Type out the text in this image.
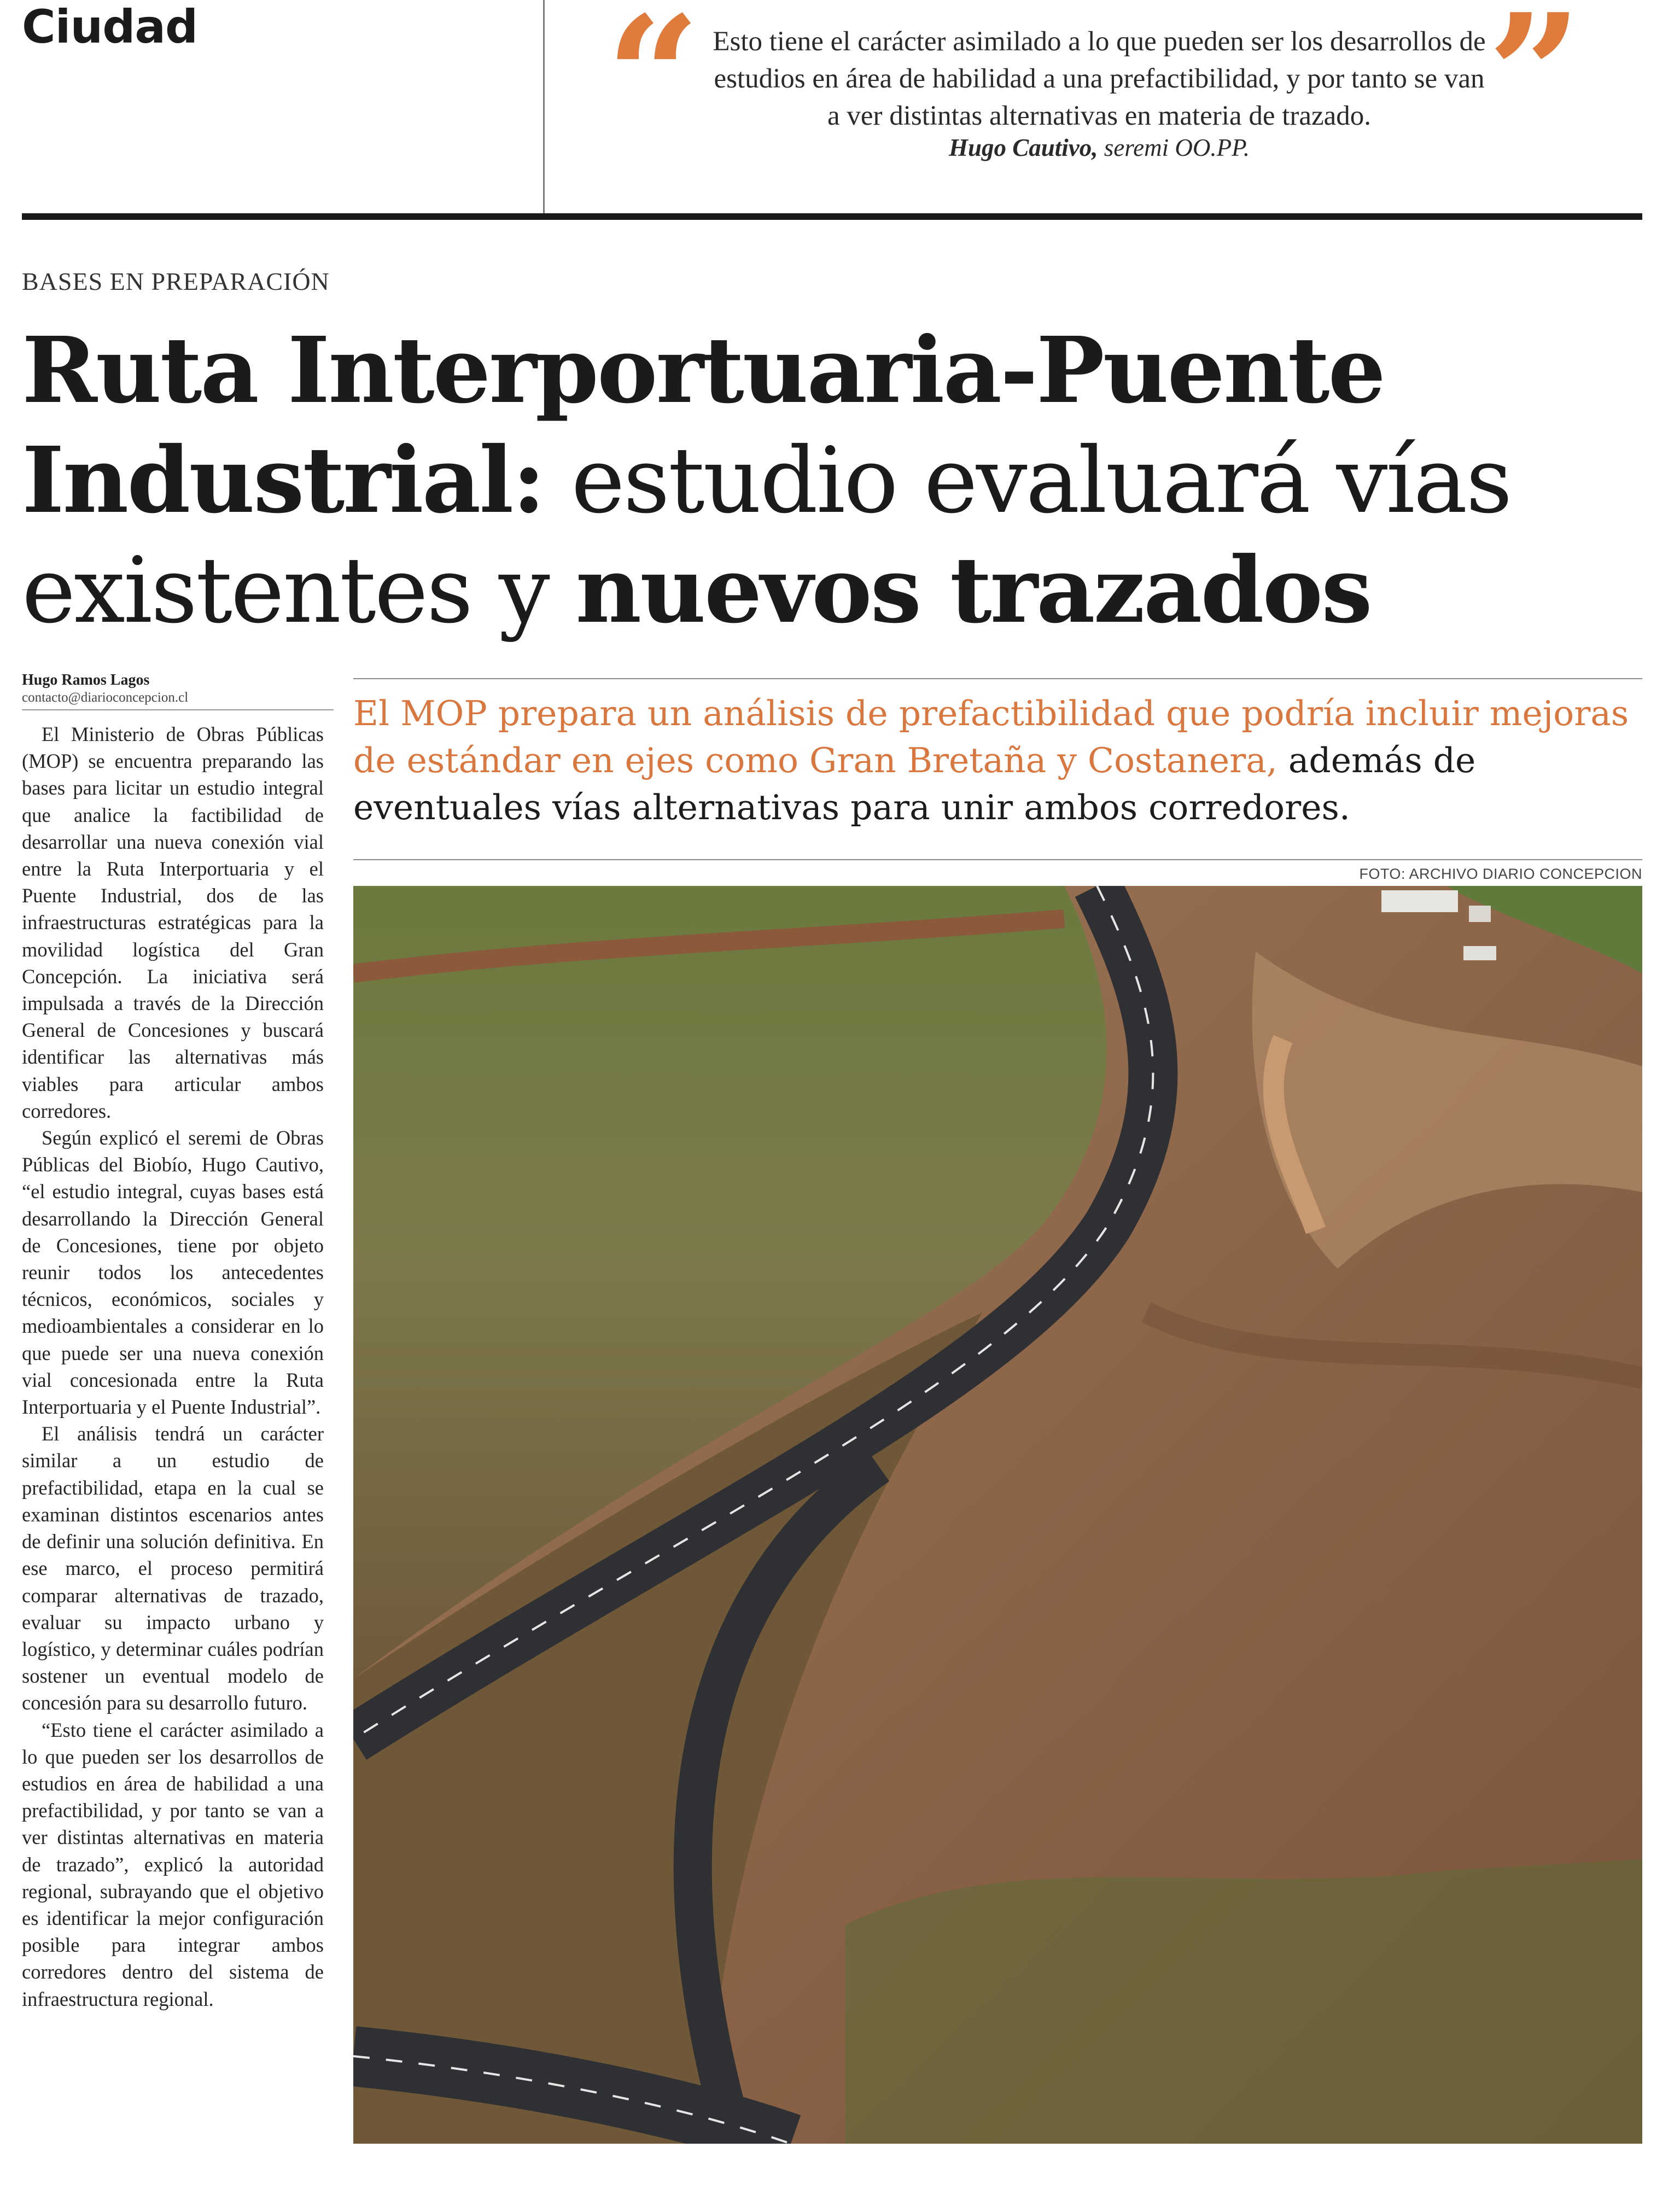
Ciudad “ Esto tiene el carácter asimilado a lo que pueden ser los desarrollos de estudios en área de habilidad a una prefactibilidad, y por tanto se van a ver distintas alternativas en materia de trazado. ”
Hugo Cautivo, seremi OO.PP.
BASES EN PREPARACIÓN
Ruta Interportuaria-Puente Industrial: estudio evaluará vías existentes y nuevos trazados
Hugo Ramos Lagos
contacto@diarioconcepcion.cl

El Ministerio de Obras Públicas (MOP) se encuentra preparando las bases para licitar un estudio integral que analice la factibilidad de desarrollar una nueva conexión vial entre la Ruta Interportuaria y el Puente Industrial, dos de las infraestructuras estratégicas para la movilidad logística del Gran Concepción. La iniciativa será impulsada a través de la Dirección General de Concesiones y buscará identificar las alternativas más viables para articular ambos corredores.

Según explicó el seremi de Obras Públicas del Biobío, Hugo Cautivo, “el estudio integral, cuyas bases está desarrollando la Dirección General de Concesiones, tiene por objeto reunir todos los antecedentes técnicos, económicos, sociales y medioambientales a considerar en lo que puede ser una nueva conexión vial concesionada entre la Ruta Interportuaria y el Puente Industrial”.

El análisis tendrá un carácter similar a un estudio de prefactibilidad, etapa en la cual se examinan distintos escenarios antes de definir una solución definitiva. En ese marco, el proceso permitirá comparar alternativas de trazado, evaluar su impacto urbano y logístico, y determinar cuáles podrían sostener un eventual modelo de concesión para su desarrollo futuro.

“Esto tiene el carácter asimilado a lo que pueden ser los desarrollos de estudios en área de habilidad a una prefactibilidad, y por tanto se van a ver distintas alternativas en materia de trazado”, explicó la autoridad regional, subrayando que el objetivo es identificar la mejor configuración posible para integrar ambos corredores dentro del sistema de infraestructura regional.

El MOP prepara un análisis de prefactibilidad que podría incluir mejoras de estándar en ejes como Gran Bretaña y Costanera, además de eventuales vías alternativas para unir ambos corredores.
FOTO: ARCHIVO DIARIO CONCEPCION
